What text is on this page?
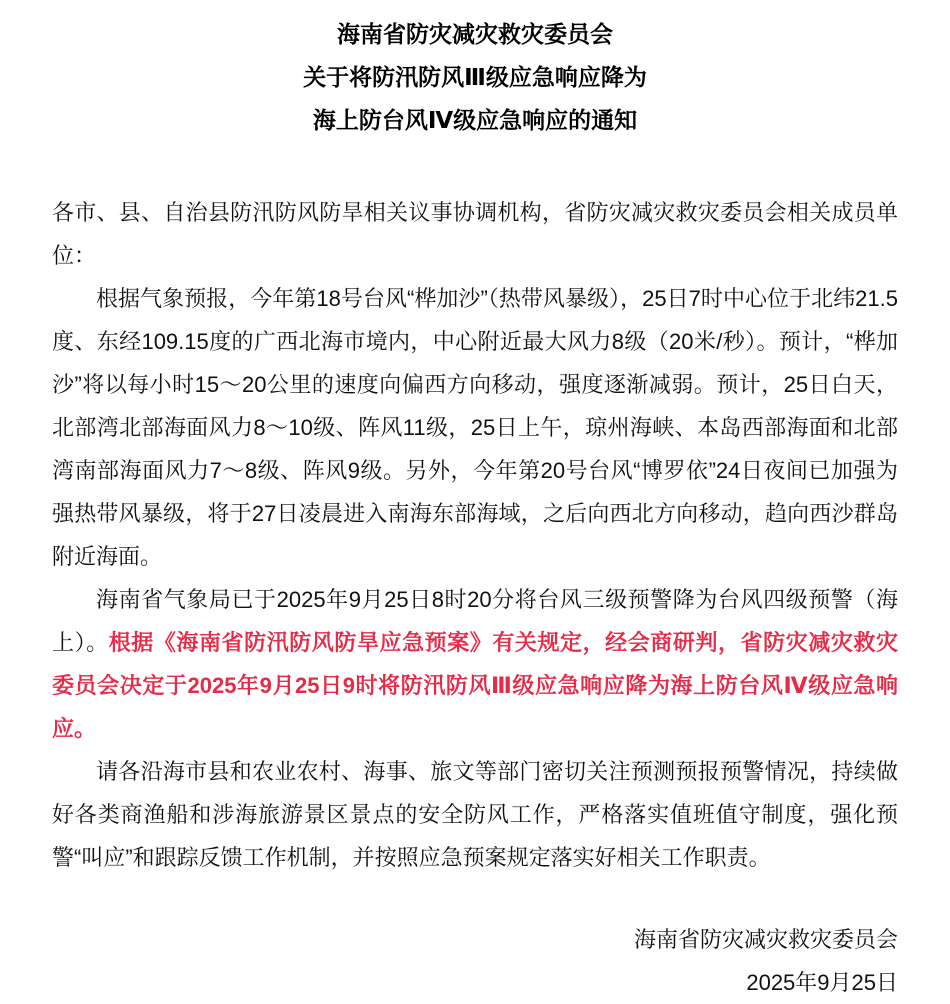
海南省防灾减灾救灾委员会
关于将防汛防风Ⅲ级应急响应降为
海上防台风Ⅳ级应急响应的通知

各市、县、自治县防汛防风防旱相关议事协调机构，省防灾减灾救灾委员会相关成员单位：

根据气象预报，今年第18号台风“桦加沙”（热带风暴级），25日7时中心位于北纬21.5度、东经109.15度的广西北海市境内，中心附近最大风力8级（20米/秒）。预计，“桦加沙”将以每小时15～20公里的速度向偏西方向移动，强度逐渐减弱。预计，25日白天，北部湾北部海面风力8～10级、阵风11级，25日上午，琼州海峡、本岛西部海面和北部湾南部海面风力7～8级、阵风9级。另外，今年第20号台风“博罗依”24日夜间已加强为强热带风暴级，将于27日凌晨进入南海东部海域，之后向西北方向移动，趋向西沙群岛附近海面。

海南省气象局已于2025年9月25日8时20分将台风三级预警降为台风四级预警（海上）。根据《海南省防汛防风防旱应急预案》有关规定，经会商研判，省防灾减灾救灾委员会决定于2025年9月25日9时将防汛防风Ⅲ级应急响应降为海上防台风Ⅳ级应急响应。

请各沿海市县和农业农村、海事、旅文等部门密切关注预测预报预警情况，持续做好各类商渔船和涉海旅游景区景点的安全防风工作，严格落实值班值守制度，强化预警“叫应”和跟踪反馈工作机制，并按照应急预案规定落实好相关工作职责。

海南省防灾减灾救灾委员会
2025年9月25日
